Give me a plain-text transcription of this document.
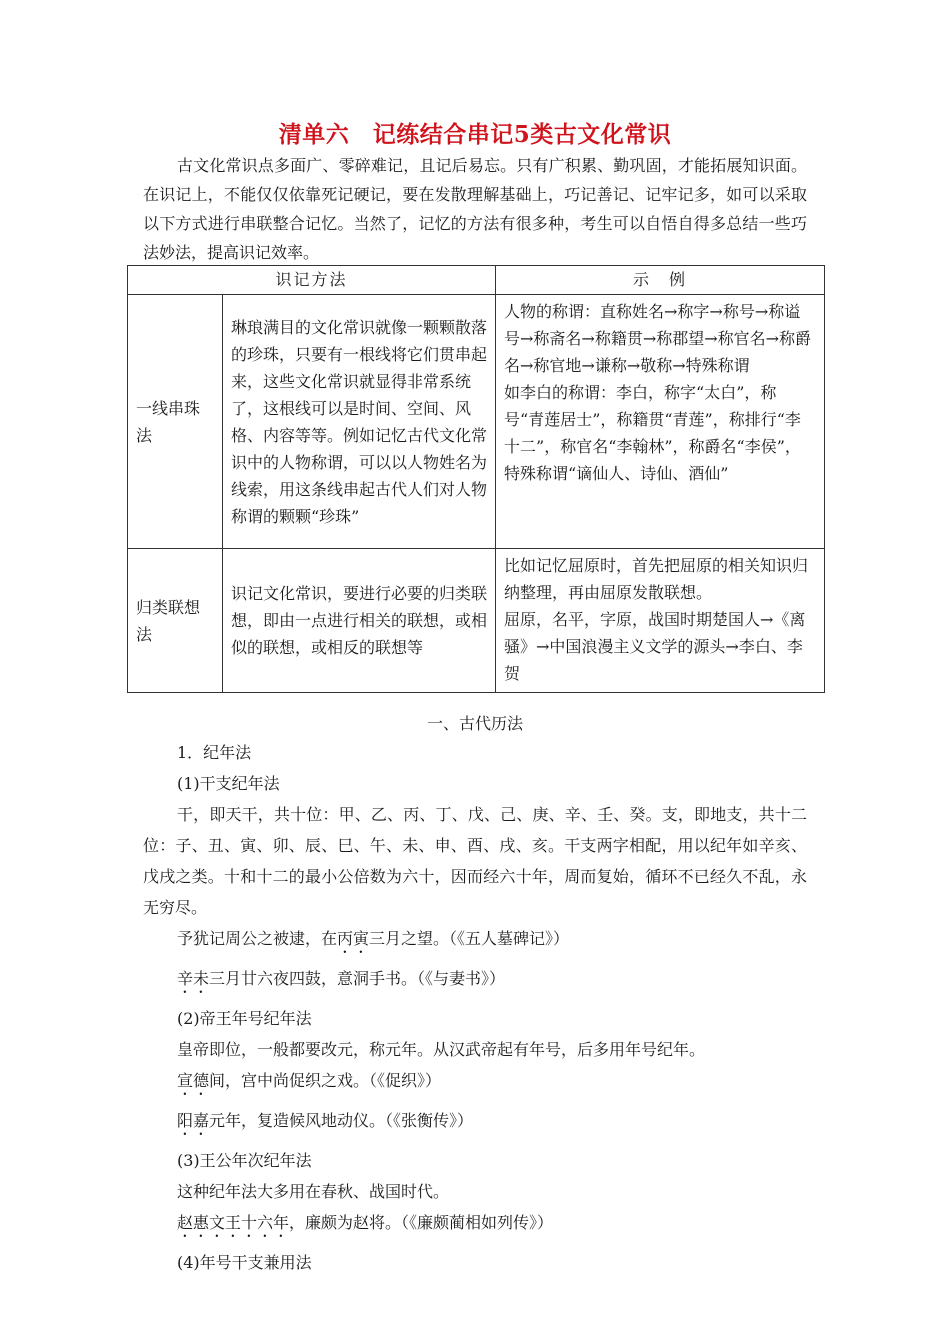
清单六　记练结合串记5类古文化常识

古文化常识点多面广、零碎难记，且记后易忘。只有广积累、勤巩固，才能拓展知识面。在识记上，不能仅仅依靠死记硬记，要在发散理解基础上，巧记善记、记牢记多，如可以采取以下方式进行串联整合记忆。当然了，记忆的方法有很多种，考生可以自悟自得多总结一些巧法妙法，提高识记效率。

识记方法		示　例
一线串珠法	琳琅满目的文化常识就像一颗颗散落的珍珠，只要有一根线将它们贯串起来，这些文化常识就显得非常系统了，这根线可以是时间、空间、风格、内容等等。例如记忆古代文化常识中的人物称谓，可以以人物姓名为线索，用这条线串起古代人们对人物称谓的颗颗“珍珠”	人物的称谓：直称姓名→称字→称号→称谥号→称斋名→称籍贯→称郡望→称官名→称爵名→称官地→谦称→敬称→特殊称谓

如李白的称谓：李白，称字“太白”，称号“青莲居士”，称籍贯“青莲”，称排行“李十二”，称官名“李翰林”，称爵名“李侯”，特殊称谓“谪仙人、诗仙、酒仙”

归类联想法	识记文化常识，要进行必要的归类联想，即由一点进行相关的联想，或相似的联想，或相反的联想等	比如记忆屈原时，首先把屈原的相关知识归纳整理，再由屈原发散联想。

屈原，名平，字原，战国时期楚国人→《离骚》→中国浪漫主义文学的源头→李白、李贺

一、古代历法

1．纪年法

(1)干支纪年法

干，即天干，共十位：甲、乙、丙、丁、戊、己、庚、辛、壬、癸。支，即地支，共十二位：子、丑、寅、卯、辰、巳、午、未、申、酉、戌、亥。干支两字相配，用以纪年如辛亥、戊戌之类。十和十二的最小公倍数为六十，因而经六十年，周而复始，循环不已经久不乱，永无穷尽。

予犹记周公之被逮，在丙寅三月之望。（《五人墓碑记》）

辛未三月廿六夜四鼓，意洞手书。（《与妻书》）

(2)帝王年号纪年法

皇帝即位，一般都要改元，称元年。从汉武帝起有年号，后多用年号纪年。

宣德间，宫中尚促织之戏。（《促织》）

阳嘉元年，复造候风地动仪。（《张衡传》）

(3)王公年次纪年法

这种纪年法大多用在春秋、战国时代。

赵惠文王十六年，廉颇为赵将。（《廉颇蔺相如列传》）

(4)年号干支兼用法
